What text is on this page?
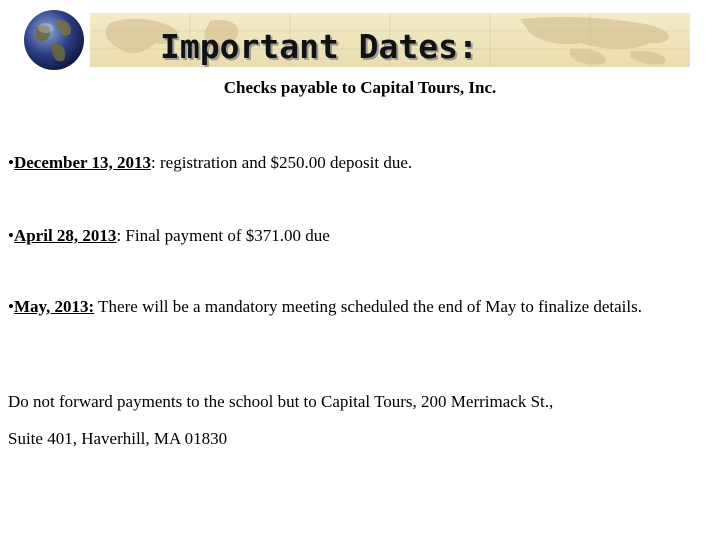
Important Dates:
Checks payable to Capital Tours, Inc.
•December 13, 2013: registration and $250.00 deposit due.
•April 28, 2013: Final payment of $371.00 due
•May, 2013: There will be a mandatory meeting scheduled the end of May to finalize details.
Do not forward payments to the school but to Capital Tours, 200 Merrimack St.,
Suite 401, Haverhill, MA 01830
